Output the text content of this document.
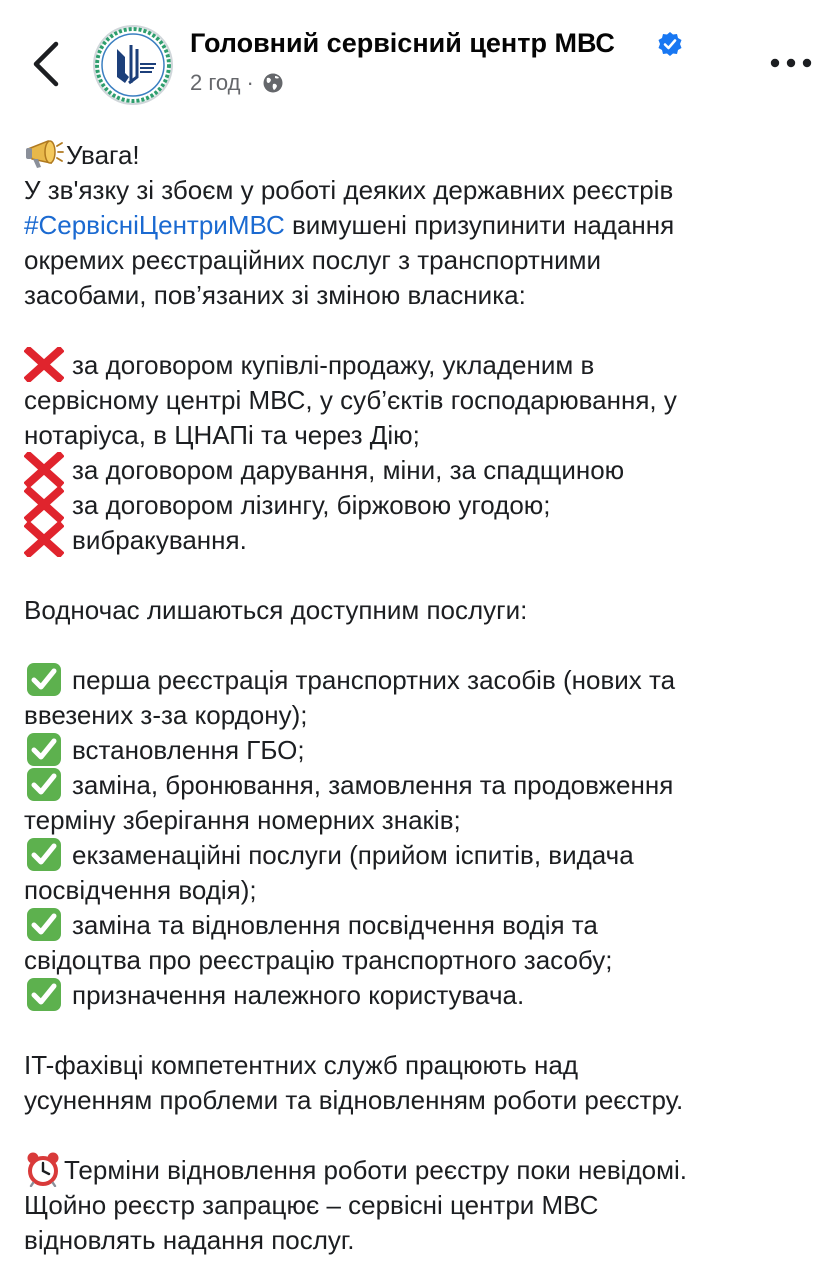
Головний сервісний центр МВС
2 год ·
Увага!
У зв'язку зі збоєм у роботі деяких державних реєстрів
#СервісніЦентриМВС вимушені призупинити надання
окремих реєстраційних послуг з транспортними
засобами, пов’язаних зі зміною власника:
за договором купівлі-продажу, укладеним в
сервісному центрі МВС, у суб’єктів господарювання, у
нотаріуса, в ЦНАПі та через Дію;
за договором дарування, міни, за спадщиною
за договором лізингу, біржовою угодою;
вибракування.
Водночас лишаються доступним послуги:
перша реєстрація транспортних засобів (нових та
ввезених з-за кордону);
встановлення ГБО;
заміна, бронювання, замовлення та продовження
терміну зберігання номерних знаків;
екзаменаційні послуги (прийом іспитів, видача
посвідчення водія);
заміна та відновлення посвідчення водія та
свідоцтва про реєстрацію транспортного засобу;
призначення належного користувача.
IT-фахівці компетентних служб працюють над
усуненням проблеми та відновленням роботи реєстру.
Терміни відновлення роботи реєстру поки невідомі.
Щойно реєстр запрацює – сервісні центри МВС
відновлять надання послуг.
